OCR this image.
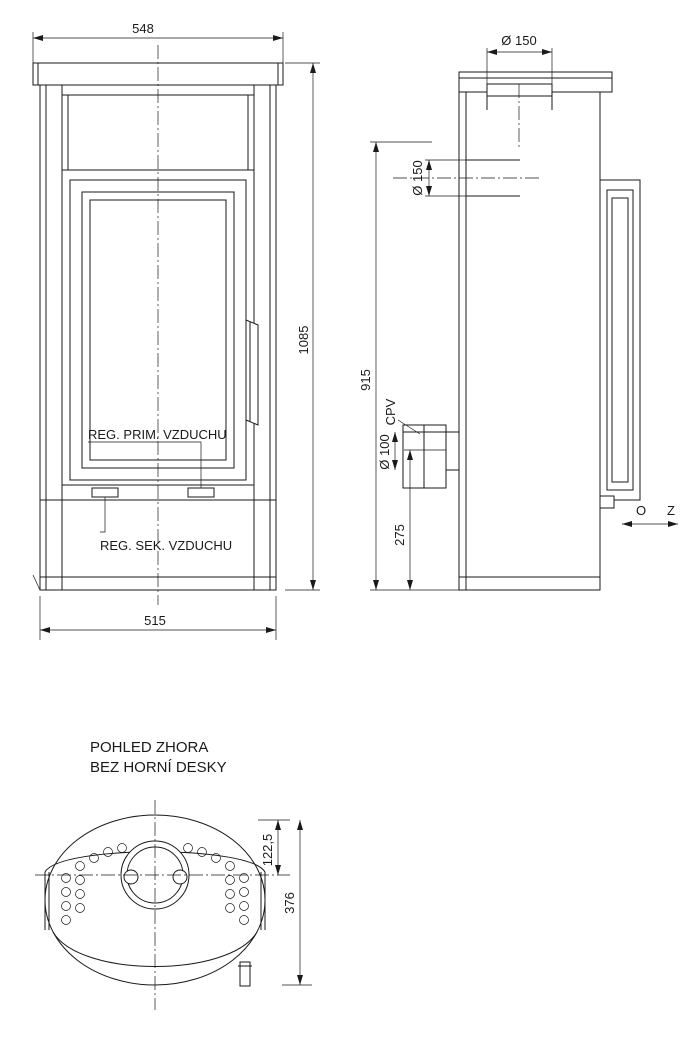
548
515
1085
REG. PRIM. VZDUCHU
REG. SEK. VZDUCHU
Ø 150
Ø 150
915
CPV
Ø 100
275
O Z
POHLED ZHORA
BEZ HORNÍ DESKY
122,5
376
